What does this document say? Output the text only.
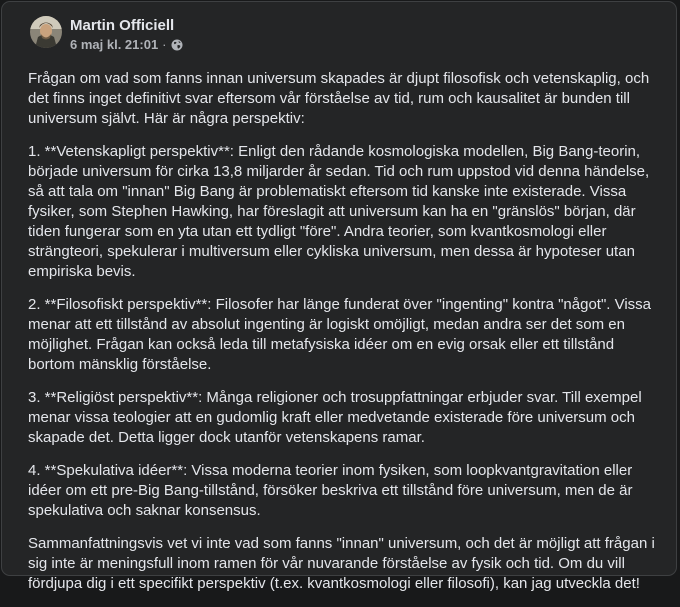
Martin Officiell
6 maj kl. 21:01 ·

Frågan om vad som fanns innan universum skapades är djupt filosofisk och vetenskaplig, och
det finns inget definitivt svar eftersom vår förståelse av tid, rum och kausalitet är bunden till
universum självt. Här är några perspektiv:

1. **Vetenskapligt perspektiv**: Enligt den rådande kosmologiska modellen, Big Bang-teorin,
började universum för cirka 13,8 miljarder år sedan. Tid och rum uppstod vid denna händelse,
så att tala om "innan" Big Bang är problematiskt eftersom tid kanske inte existerade. Vissa
fysiker, som Stephen Hawking, har föreslagit att universum kan ha en "gränslös" början, där
tiden fungerar som en yta utan ett tydligt "före". Andra teorier, som kvantkosmologi eller
strängteori, spekulerar i multiversum eller cykliska universum, men dessa är hypoteser utan
empiriska bevis.

2. **Filosofiskt perspektiv**: Filosofer har länge funderat över "ingenting" kontra "något". Vissa
menar att ett tillstånd av absolut ingenting är logiskt omöjligt, medan andra ser det som en
möjlighet. Frågan kan också leda till metafysiska idéer om en evig orsak eller ett tillstånd
bortom mänsklig förståelse.

3. **Religiöst perspektiv**: Många religioner och trosuppfattningar erbjuder svar. Till exempel
menar vissa teologier att en gudomlig kraft eller medvetande existerade före universum och
skapade det. Detta ligger dock utanför vetenskapens ramar.

4. **Spekulativa idéer**: Vissa moderna teorier inom fysiken, som loopkvantgravitation eller
idéer om ett pre-Big Bang-tillstånd, försöker beskriva ett tillstånd före universum, men de är
spekulativa och saknar konsensus.

Sammanfattningsvis vet vi inte vad som fanns "innan" universum, och det är möjligt att frågan i
sig inte är meningsfull inom ramen för vår nuvarande förståelse av fysik och tid. Om du vill
fördjupa dig i ett specifikt perspektiv (t.ex. kvantkosmologi eller filosofi), kan jag utveckla det!
